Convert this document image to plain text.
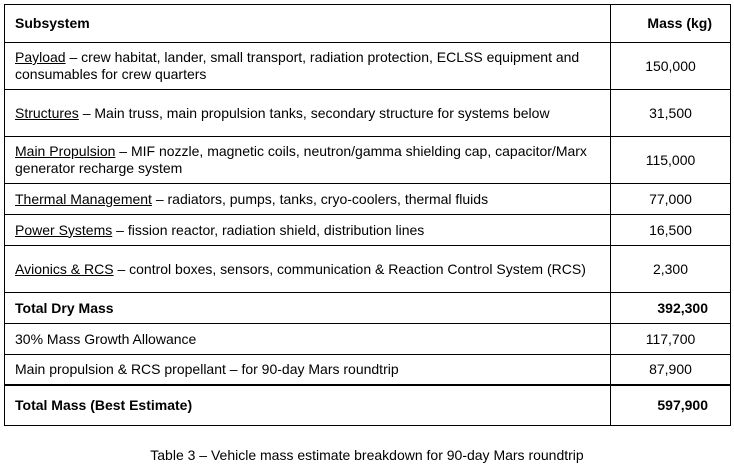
Subsystem	Mass (kg)
Payload – crew habitat, lander, small transport, radiation protection, ECLSS equipment and consumables for crew quarters	150,000
Structures – Main truss, main propulsion tanks, secondary structure for systems below	31,500
Main Propulsion – MIF nozzle, magnetic coils, neutron/gamma shielding cap, capacitor/Marx generator recharge system	115,000
Thermal Management – radiators, pumps, tanks, cryo-coolers, thermal fluids	77,000
Power Systems – fission reactor, radiation shield, distribution lines	16,500
Avionics & RCS – control boxes, sensors, communication & Reaction Control System (RCS)	2,300
Total Dry Mass	392,300
30% Mass Growth Allowance	117,700
Main propulsion & RCS propellant – for 90-day Mars roundtrip	87,900
Total Mass (Best Estimate)	597,900
Table 3 – Vehicle mass estimate breakdown for 90-day Mars roundtrip
